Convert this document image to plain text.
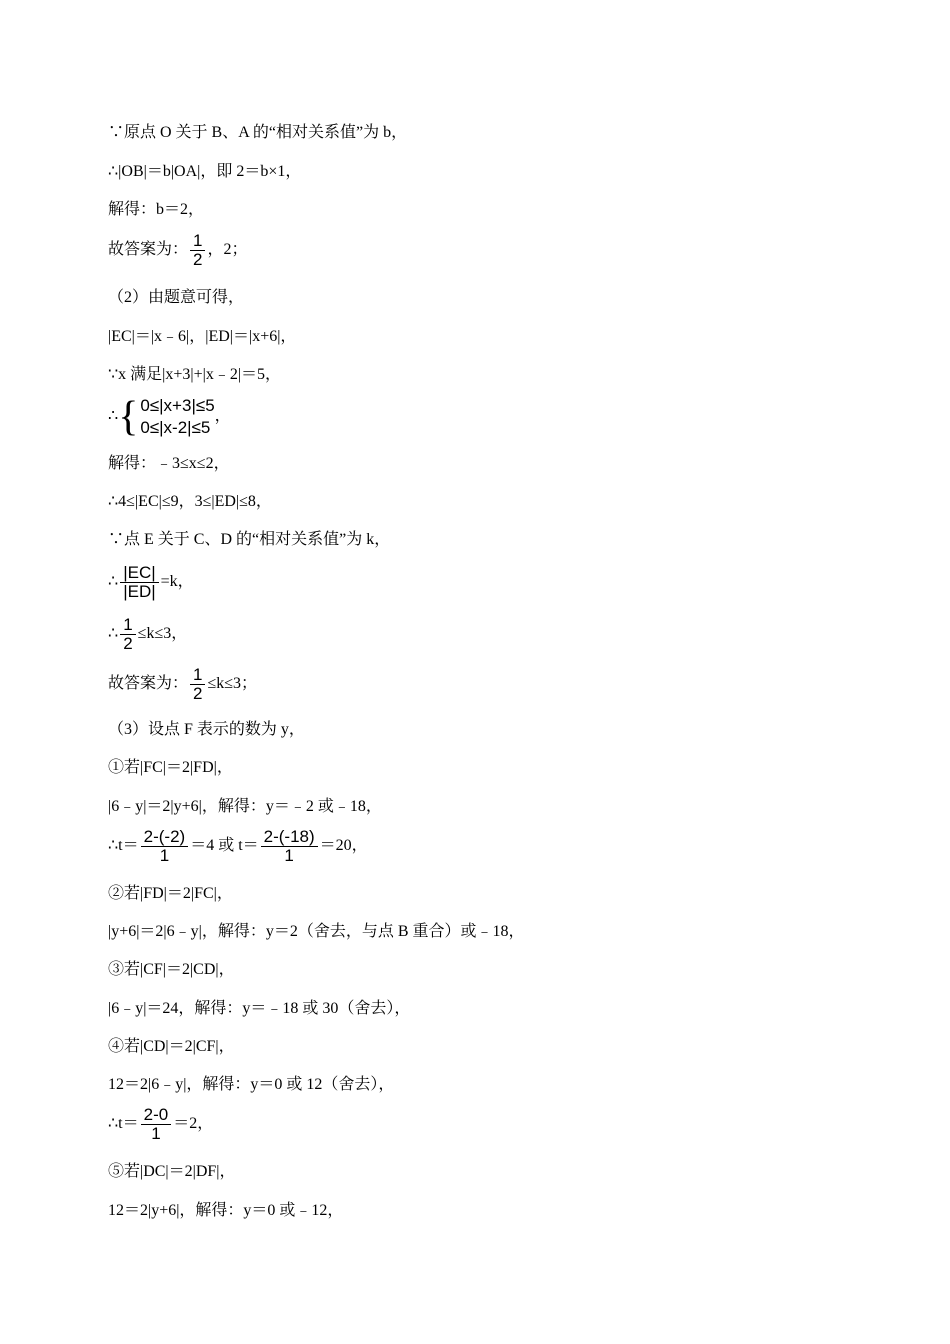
∵原点 O 关于 B、A 的“相对关系值”为 b，
∴|OB|＝b|OA|，即 2＝b×1，
解得：b＝2，
故答案为： $\frac{1}{2}$ ，2；
（2）由题意可得，
|EC|＝|x﹣6|，|ED|＝|x+6|，
∵x 满足|x+3|+|x﹣2|＝5，
∴ { 0≤|x+3|≤5
0≤|x-2|≤5
，
解得：﹣3≤x≤2，
∴4≤|EC|≤9，3≤|ED|≤8，
∵点 E 关于 C、D 的“相对关系值”为 k，
∴ $\frac{|EC|}{|ED|} =k$，
∴ $\frac{1}{2} \le k\le 3$，
故答案为： $\frac{1}{2} \le k\le 3$；
（3）设点 F 表示的数为 y，
①若|FC|＝2|FD|，
|6﹣y|＝2|y+6|，解得：y＝﹣2 或﹣18，
∴t＝ $\frac{2-(-2)}{1} =4$ 或 $t= \frac{2-(-18)}{1} =20$，
②若|FD|＝2|FC|，
|y+6|＝2|6﹣y|，解得：y＝2（舍去，与点 B 重合）或﹣18，
③若|CF|＝2|CD|，
|6﹣y|＝24，解得：y＝﹣18 或 30（舍去），
④若|CD|＝2|CF|，
12＝2|6﹣y|，解得：y＝0 或 12（舍去），
∴t＝ $\frac{2-0}{1} =2$，
⑤若|DC|＝2|DF|，
12＝2|y+6|，解得：y＝0 或﹣12，
